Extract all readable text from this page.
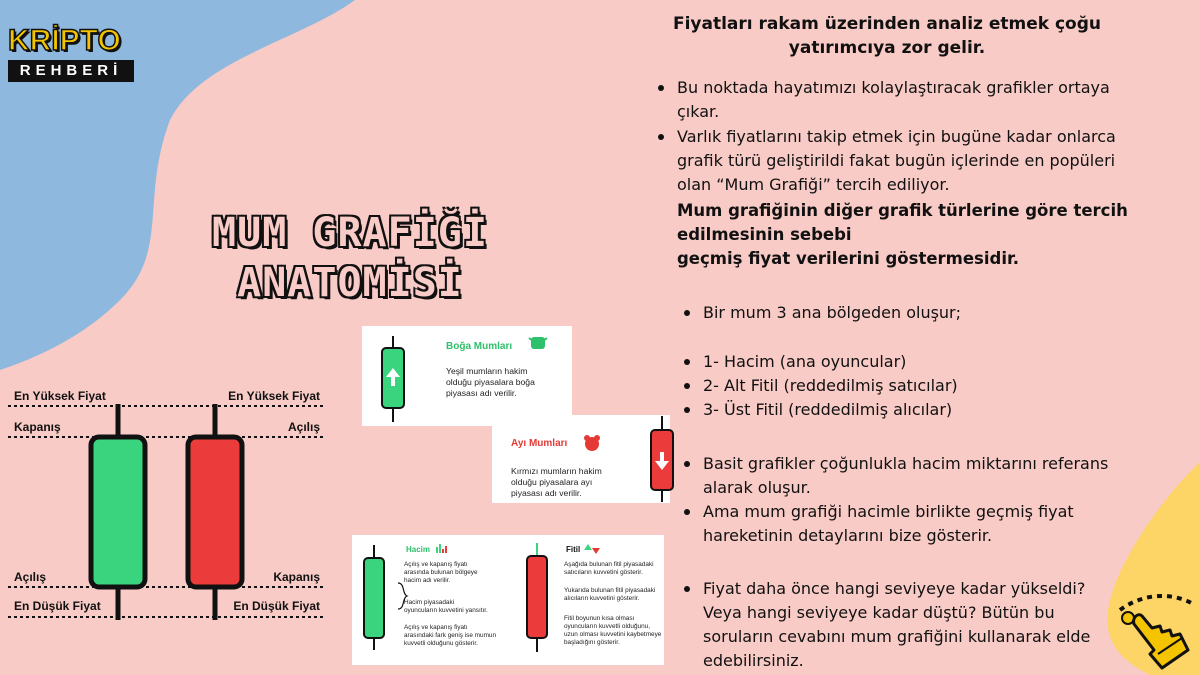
KRİPTO
REHBERİ
MUM GRAFİĞİ
ANATOMİSİ
Fiyatları rakam üzerinden analiz etmek çoğu
yatırımcıya zor gelir.
Bu noktada hayatımızı kolaylaştıracak grafikler ortaya
çıkar.
Varlık fiyatlarını takip etmek için bugüne kadar onlarca
grafik türü geliştirildi fakat bugün içlerinde en popüleri
olan “Mum Grafiği” tercih ediliyor.
Mum grafiğinin diğer grafik türlerine göre tercih
edilmesinin sebebi
geçmiş fiyat verilerini göstermesidir.
Bir mum 3 ana bölgeden oluşur;
1- Hacim (ana oyuncular)
2- Alt Fitil (reddedilmiş satıcılar)
3- Üst Fitil (reddedilmiş alıcılar)
Basit grafikler çoğunlukla hacim miktarını referans
alarak oluşur.
Ama mum grafiği hacimle birlikte geçmiş fiyat
hareketinin detaylarını bize gösterir.
Fiyat daha önce hangi seviyeye kadar yükseldi?
Veya hangi seviyeye kadar düştü? Bütün bu
soruların cevabını mum grafiğini kullanarak elde
edebilirsiniz.
En Yüksek Fiyat
Kapanış
Açılış
En Düşük Fiyat
En Yüksek Fiyat
Açılış
Kapanış
En Düşük Fiyat
Boğa Mumları
Yeşil mumların hakim
olduğu piyasalara boğa
piyasası adı verilir.
Ayı Mumları
Kırmızı mumların hakim
olduğu piyasalara ayı
piyasası adı verilir.
Hacim
Açılış ve kapanış fiyatı
arasında bulunan bölgeye
hacim adı verilir.
Hacim piyasadaki
oyuncuların kuvvetini yansıtır.
Açılış ve kapanış fiyatı
arasındaki fark geniş ise mumun
kuvvetli olduğunu gösterir.
Fitil
Aşağıda bulunan fitil piyasadaki
satıcıların kuvvetini gösterir.
Yukarıda bulunan fitil piyasadaki
alıcıların kuvvetini gösterir.
Fitil boyunun kısa olması
oyuncuların kuvvetli olduğunu,
uzun olması kuvvetini kaybetmeye
başladığını gösterir.
